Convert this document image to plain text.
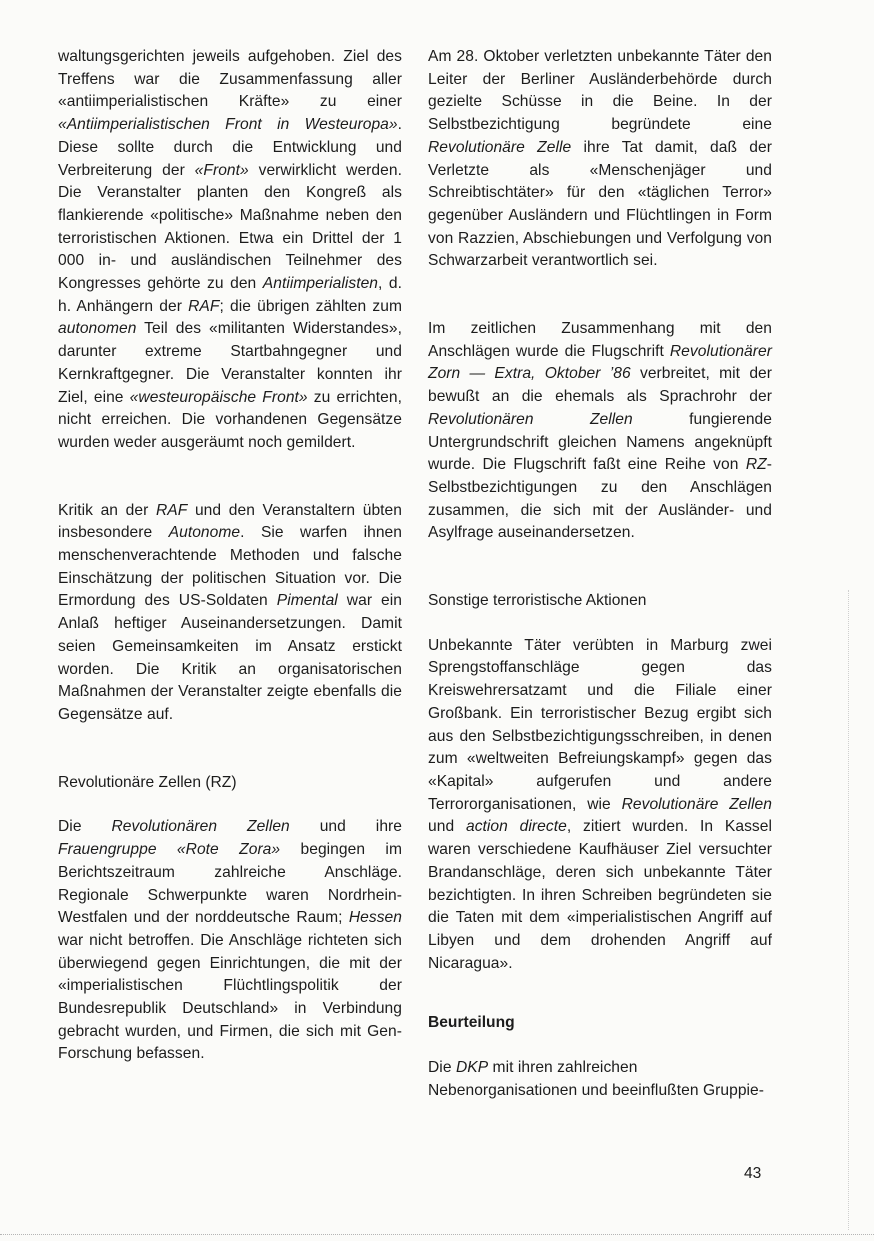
waltungsgerichten jeweils aufgehoben. Ziel des Treffens war die Zusammenfassung aller «antiimperialistischen Kräfte» zu einer «Antiimperialistischen Front in Westeuropa». Diese sollte durch die Entwicklung und Verbreiterung der «Front» verwirklicht werden. Die Veranstalter planten den Kongreß als flankierende «politische» Maßnahme neben den terroristischen Aktionen. Etwa ein Drittel der 1 000 in- und ausländischen Teilnehmer des Kongresses gehörte zu den Antiimperialisten, d. h. Anhängern der RAF; die übrigen zählten zum autonomen Teil des «militanten Widerstandes», darunter extreme Startbahngegner und Kernkraftgegner. Die Veranstalter konnten ihr Ziel, eine «westeuropäische Front» zu errichten, nicht erreichen. Die vorhandenen Gegensätze wurden weder ausgeräumt noch gemildert.

Kritik an der RAF und den Veranstaltern übten insbesondere Autonome. Sie warfen ihnen menschenverachtende Methoden und falsche Einschätzung der politischen Situation vor. Die Ermordung des US-Soldaten Pimental war ein Anlaß heftiger Auseinandersetzungen. Damit seien Gemeinsamkeiten im Ansatz erstickt worden. Die Kritik an organisatorischen Maßnahmen der Veranstalter zeigte ebenfalls die Gegensätze auf.

Revolutionäre Zellen (RZ)

Die Revolutionären Zellen und ihre Frauengruppe «Rote Zora» begingen im Berichtszeitraum zahlreiche Anschläge. Regionale Schwerpunkte waren Nordrhein-Westfalen und der norddeutsche Raum; Hessen war nicht betroffen. Die Anschläge richteten sich überwiegend gegen Einrichtungen, die mit der «imperialistischen Flüchtlingspolitik der Bundesrepublik Deutschland» in Verbindung gebracht wurden, und Firmen, die sich mit Gen-Forschung befassen.

Am 28. Oktober verletzten unbekannte Täter den Leiter der Berliner Ausländerbehörde durch gezielte Schüsse in die Beine. In der Selbstbezichtigung begründete eine Revolutionäre Zelle ihre Tat damit, daß der Verletzte als «Menschenjäger und Schreibtischtäter» für den «täglichen Terror» gegenüber Ausländern und Flüchtlingen in Form von Razzien, Abschiebungen und Verfolgung von Schwarzarbeit verantwortlich sei.

Im zeitlichen Zusammenhang mit den Anschlägen wurde die Flugschrift Revolutionärer Zorn — Extra, Oktober ’86 verbreitet, mit der bewußt an die ehemals als Sprachrohr der Revolutionären Zellen fungierende Untergrundschrift gleichen Namens angeknüpft wurde. Die Flugschrift faßt eine Reihe von RZ-Selbstbezichtigungen zu den Anschlägen zusammen, die sich mit der Ausländer- und Asylfrage auseinandersetzen.

Sonstige terroristische Aktionen

Unbekannte Täter verübten in Marburg zwei Sprengstoffanschläge gegen das Kreiswehrersatzamt und die Filiale einer Großbank. Ein terroristischer Bezug ergibt sich aus den Selbstbezichtigungsschreiben, in denen zum «weltweiten Befreiungskampf» gegen das «Kapital» aufgerufen und andere Terrororganisationen, wie Revolutionäre Zellen und action directe, zitiert wurden. In Kassel waren verschiedene Kaufhäuser Ziel versuchter Brandanschläge, deren sich unbekannte Täter bezichtigten. In ihren Schreiben begründeten sie die Taten mit dem «imperialistischen Angriff auf Libyen und dem drohenden Angriff auf Nicaragua».

Beurteilung

Die DKP mit ihren zahlreichen Nebenorganisationen und beeinflußten Gruppie-

43
